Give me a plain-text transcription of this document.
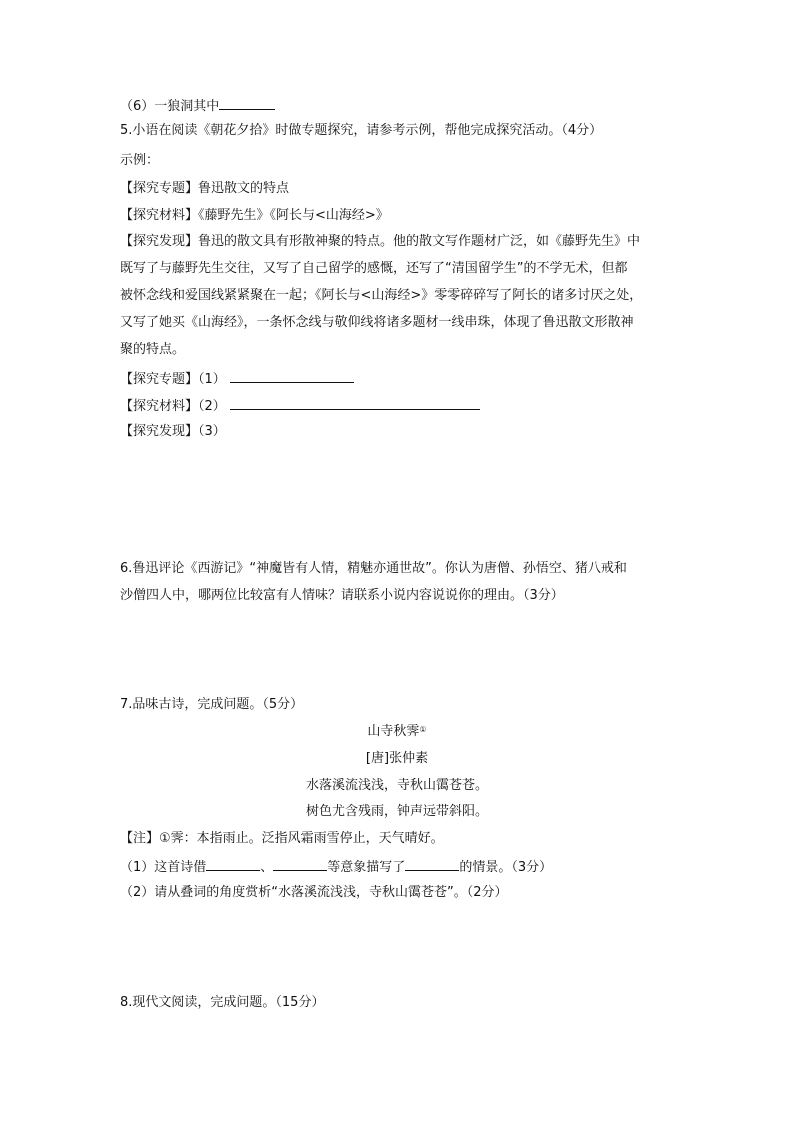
（6）一狼洞其中
5.小语在阅读《朝花夕拾》时做专题探究，请参考示例，帮他完成探究活动。（4分）
示例：
【探究专题】鲁迅散文的特点
【探究材料】《藤野先生》《阿长与<山海经>》
【探究发现】鲁迅的散文具有形散神聚的特点。他的散文写作题材广泛，如《藤野先生》中
既写了与藤野先生交往，又写了自己留学的感慨，还写了“清国留学生”的不学无术，但都
被怀念线和爱国线紧紧聚在一起；《阿长与<山海经>》零零碎碎写了阿长的诸多讨厌之处，
又写了她买《山海经》，一条怀念线与敬仰线将诸多题材一线串珠，体现了鲁迅散文形散神
聚的特点。
【探究专题】（1）
【探究材料】（2）
【探究发现】（3）
6.鲁迅评论《西游记》“神魔皆有人情，精魅亦通世故”。你认为唐僧、孙悟空、猪八戒和
沙僧四人中，哪两位比较富有人情味？请联系小说内容说说你的理由。（3分）
7.品味古诗，完成问题。（5分）
山寺秋霁①
[唐]张仲素
水落溪流浅浅，寺秋山霭苍苍。
树色尤含残雨，钟声远带斜阳。
【注】①霁：本指雨止。泛指风霜雨雪停止，天气晴好。
（1）这首诗借	、	等意象描写了	的情景。（3分）
（2）请从叠词的角度赏析“水落溪流浅浅，寺秋山霭苍苍”。（2分）
8.现代文阅读，完成问题。（15分）
